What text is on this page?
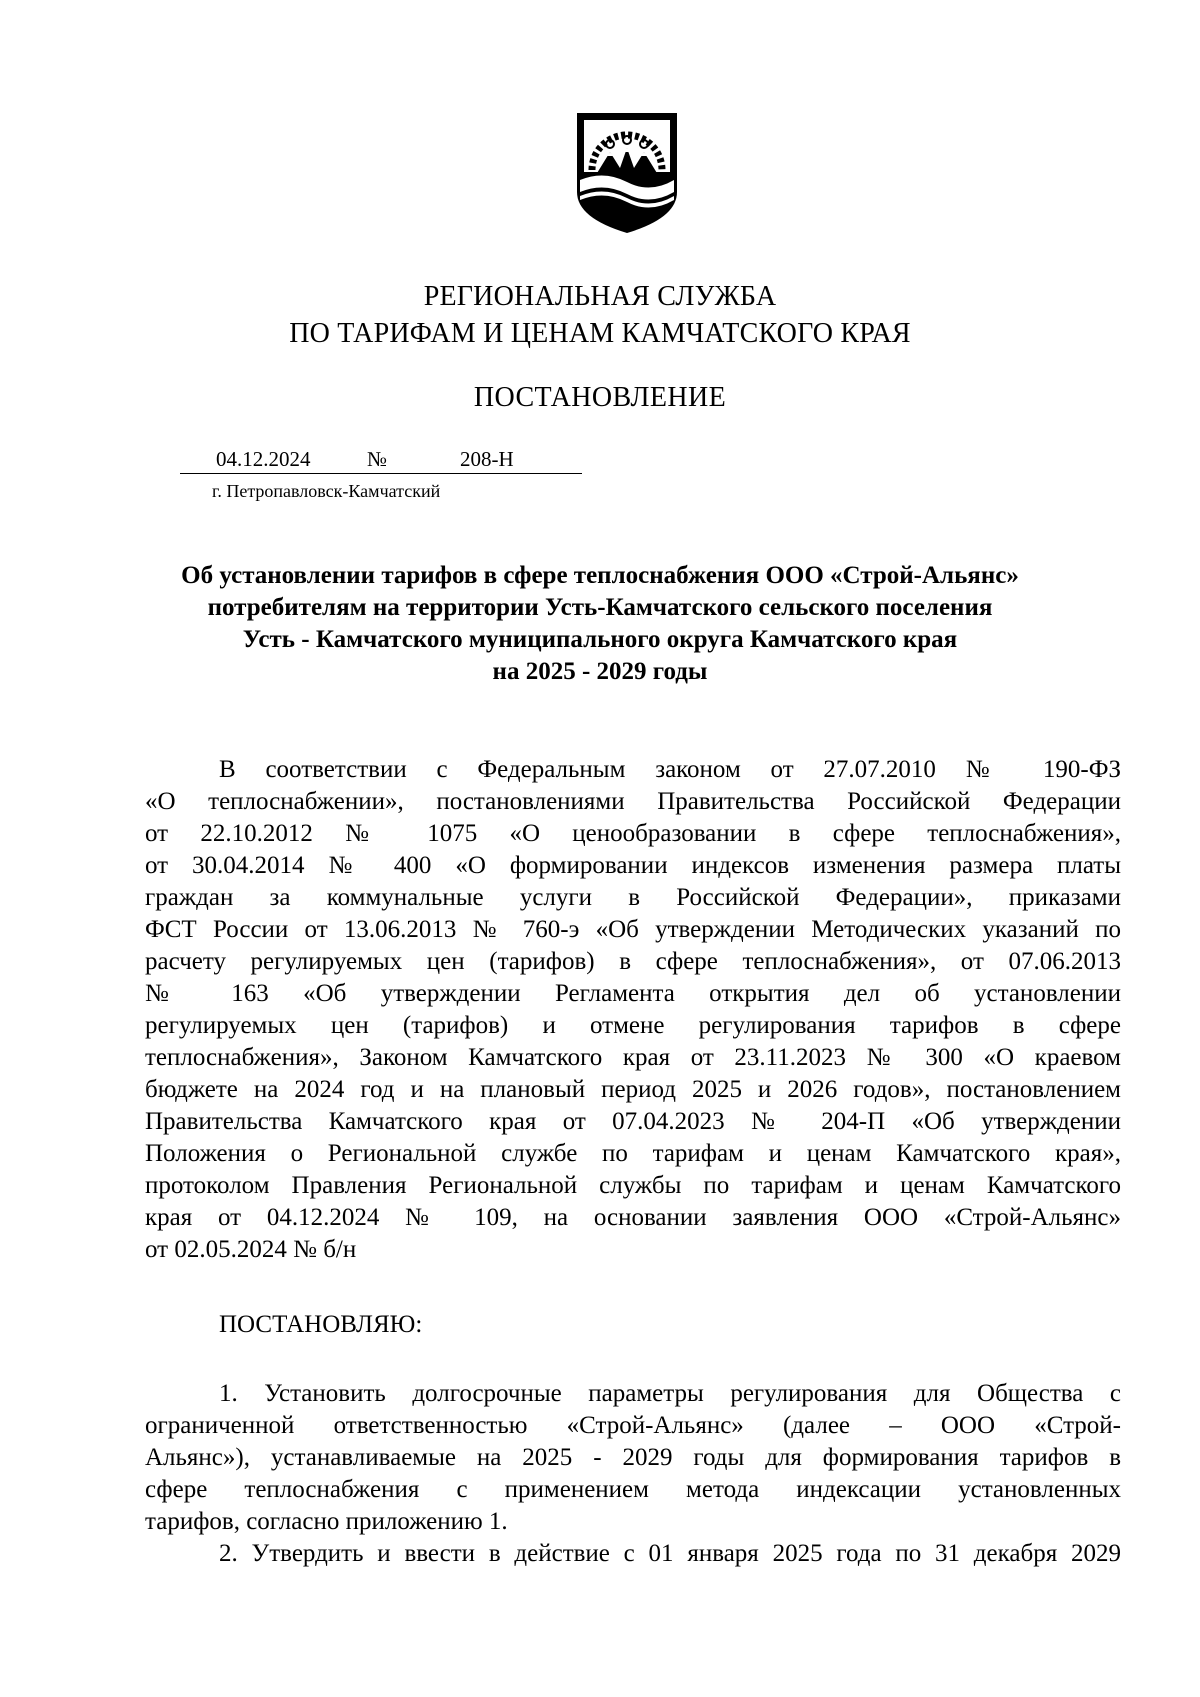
РЕГИОНАЛЬНАЯ СЛУЖБА
ПО ТАРИФАМ И ЦЕНАМ КАМЧАТСКОГО КРАЯ
ПОСТАНОВЛЕНИЕ
04.12.2024	№	208-Н
г. Петропавловск-Камчатский
Об установлении тарифов в сфере теплоснабжения ООО «Строй-Альянс»
потребителям на территории Усть-Камчатского сельского поселения
Усть - Камчатского муниципального округа Камчатского края
на 2025 - 2029 годы
В соответствии с Федеральным законом от 27.07.2010 № 190-ФЗ
«О теплоснабжении», постановлениями Правительства Российской Федерации
от 22.10.2012 № 1075 «О ценообразовании в сфере теплоснабжения»,
от 30.04.2014 № 400 «О формировании индексов изменения размера платы
граждан за коммунальные услуги в Российской Федерации», приказами
ФСТ России от 13.06.2013 № 760-э «Об утверждении Методических указаний по
расчету регулируемых цен (тарифов) в сфере теплоснабжения», от 07.06.2013
№ 163 «Об утверждении Регламента открытия дел об установлении
регулируемых цен (тарифов) и отмене регулирования тарифов в сфере
теплоснабжения», Законом Камчатского края от 23.11.2023 № 300 «О краевом
бюджете на 2024 год и на плановый период 2025 и 2026 годов», постановлением
Правительства Камчатского края от 07.04.2023 № 204-П «Об утверждении
Положения о Региональной службе по тарифам и ценам Камчатского края»,
протоколом Правления Региональной службы по тарифам и ценам Камчатского
края от 04.12.2024 № 109, на основании заявления ООО «Строй-Альянс»
от 02.05.2024 № б/н
ПОСТАНОВЛЯЮ:
1. Установить долгосрочные параметры регулирования для Общества с
ограниченной ответственностью «Строй-Альянс» (далее – ООО «Строй-
Альянс»), устанавливаемые на 2025 - 2029 годы для формирования тарифов в
сфере теплоснабжения с применением метода индексации установленных
тарифов, согласно приложению 1.
2. Утвердить и ввести в действие с 01 января 2025 года по 31 декабря 2029
